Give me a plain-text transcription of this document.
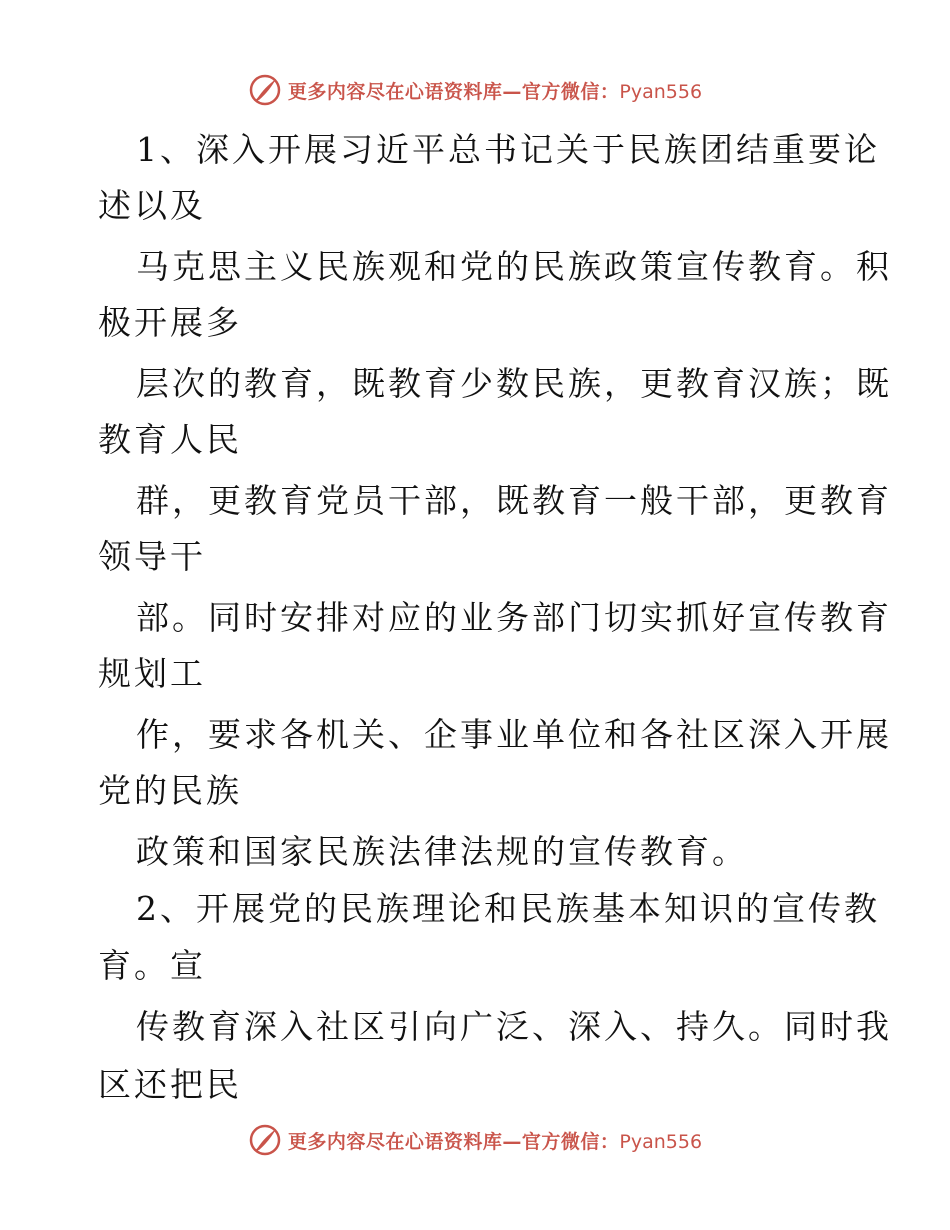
更多内容尽在心语资料库—官方微信：Pyan556
1、深入开展习近平总书记关于民族团结重要论
述以及
马克思主义民族观和党的民族政策宣传教育。积
极开展多
层次的教育，既教育少数民族，更教育汉族；既
教育人民
群，更教育党员干部，既教育一般干部，更教育
领导干
部。同时安排对应的业务部门切实抓好宣传教育
规划工
作，要求各机关、企事业单位和各社区深入开展
党的民族
政策和国家民族法律法规的宣传教育。
2、开展党的民族理论和民族基本知识的宣传教
育。宣
传教育深入社区引向广泛、深入、持久。同时我
区还把民
更多内容尽在心语资料库—官方微信：Pyan556
